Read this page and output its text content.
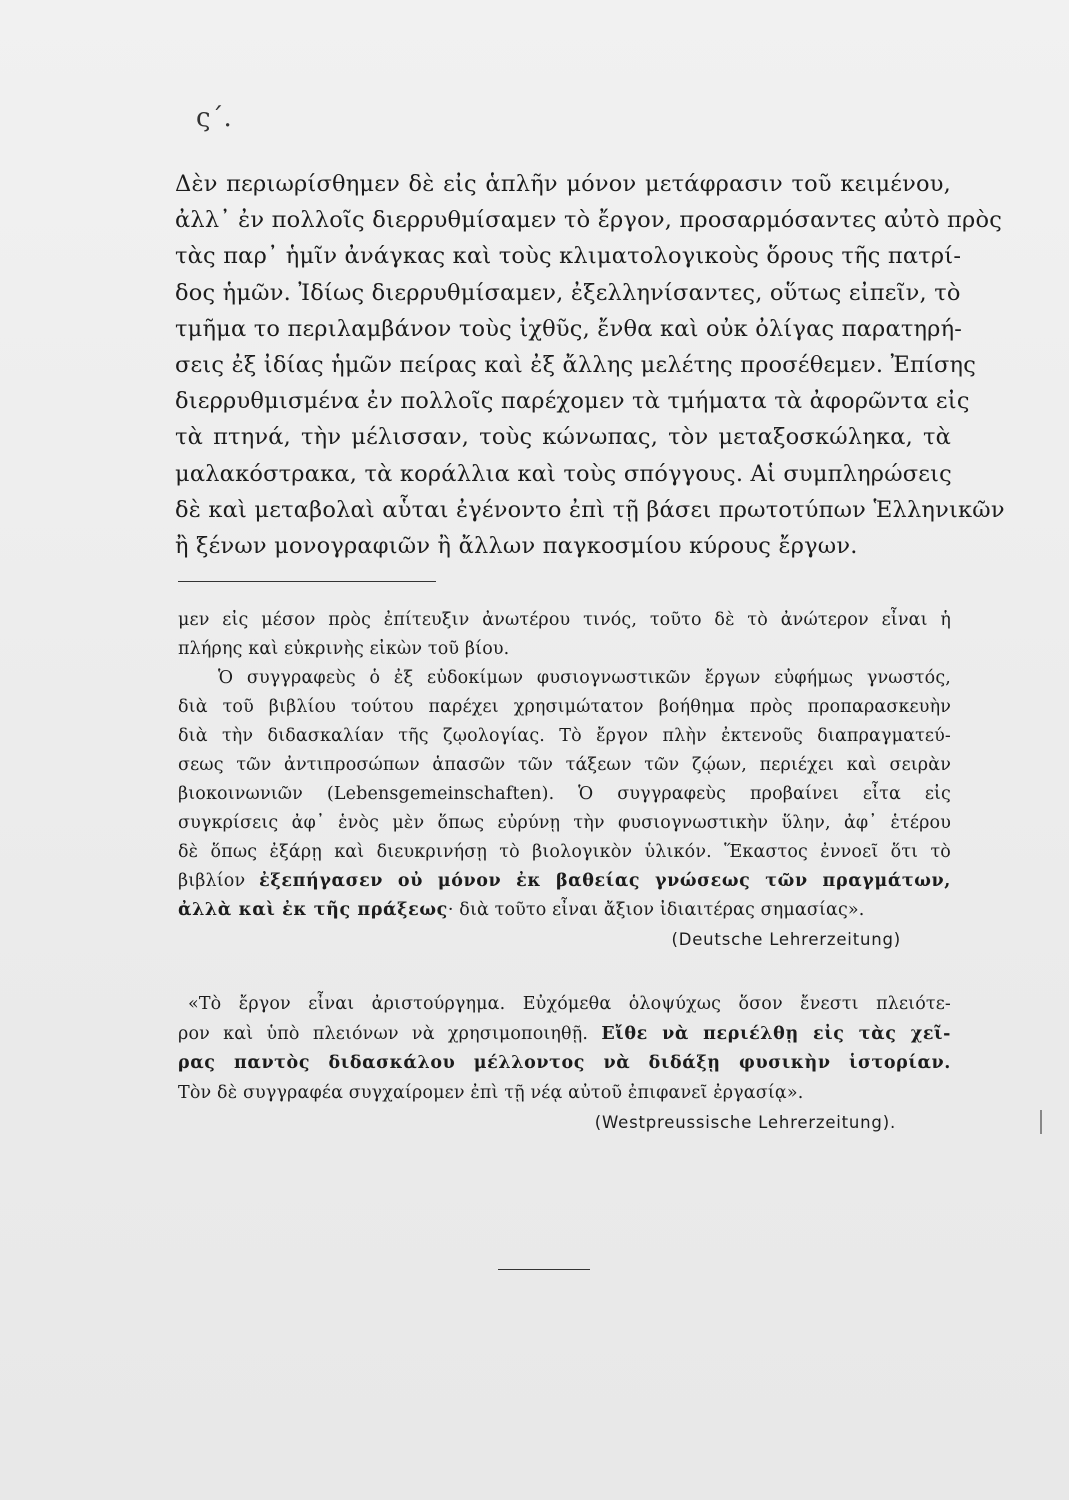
ς΄.
Δὲν περιωρίσθημεν δὲ εἰς ἁπλῆν μόνον μετάφρασιν τοῦ κειμένου,
ἀλλ᾽ ἐν πολλοῖς διερρυθμίσαμεν τὸ ἔργον, προσαρμόσαντες αὐτὸ πρὸς
τὰς παρ᾽ ἡμῖν ἀνάγκας καὶ τοὺς κλιματολογικοὺς ὅρους τῆς πατρί-
δος ἡμῶν. Ἰδίως διερρυθμίσαμεν, ἐξελληνίσαντες, οὕτως εἰπεῖν, τὸ
τμῆμα το περιλαμβάνον τοὺς ἰχθῦς, ἔνθα καὶ οὐκ ὀλίγας παρατηρή-
σεις ἐξ ἰδίας ἡμῶν πείρας καὶ ἐξ ἄλλης μελέτης προσέθεμεν. Ἐπίσης
διερρυθμισμένα ἐν πολλοῖς παρέχομεν τὰ τμήματα τὰ ἀφορῶντα εἰς
τὰ πτηνά, τὴν μέλισσαν, τοὺς κώνωπας, τὸν μεταξοσκώληκα, τὰ
μαλακόστρακα, τὰ κοράλλια καὶ τοὺς σπόγγους. Αἱ συμπληρώσεις
δὲ καὶ μεταβολαὶ αὗται ἐγένοντο ἐπὶ τῇ βάσει πρωτοτύπων Ἑλληνικῶν
ἢ ξένων μονογραφιῶν ἢ ἄλλων παγκοσμίου κύρους ἔργων.
μεν εἰς μέσον πρὸς ἐπίτευξιν ἀνωτέρου τινός, τοῦτο δὲ τὸ ἀνώτερον εἶναι ἡ
πλήρης καὶ εὐκρινὴς εἰκὼν τοῦ βίου.
Ὁ συγγραφεὺς ὁ ἐξ εὐδοκίμων φυσιογνωστικῶν ἔργων εὐφήμως γνωστός,
διὰ τοῦ βιβλίου τούτου παρέχει χρησιμώτατον βοήθημα πρὸς προπαρασκευὴν
διὰ τὴν διδασκαλίαν τῆς ζῳολογίας. Τὸ ἔργον πλὴν ἐκτενοῦς διαπραγματεύ-
σεως τῶν ἀντιπροσώπων ἁπασῶν τῶν τάξεων τῶν ζῴων, περιέχει καὶ σειρὰν
βιοκοινωνιῶν (Lebensgemeinschaften). Ὁ συγγραφεὺς προβαίνει εἶτα εἰς
συγκρίσεις ἀφ᾽ ἑνὸς μὲν ὅπως εὐρύνῃ τὴν φυσιογνωστικὴν ὕλην, ἀφ᾽ ἑτέρου
δὲ ὅπως ἐξάρῃ καὶ διευκρινήσῃ τὸ βιολογικὸν ὑλικόν. Ἕκαστος ἐννοεῖ ὅτι τὸ
βιβλίον ἐξεπήγασεν οὐ μόνον ἐκ βαθείας γνώσεως τῶν πραγμάτων,
ἀλλὰ καὶ ἐκ τῆς πράξεως· διὰ τοῦτο εἶναι ἄξιον ἰδιαιτέρας σημασίας».
(Deutsche Lehrerzeitung)
«Τὸ ἔργον εἶναι ἀριστούργημα. Εὐχόμεθα ὁλοψύχως ὅσον ἔνεστι πλειότε-
ρον καὶ ὑπὸ πλειόνων νὰ χρησιμοποιηθῇ. Εἴθε νὰ περιέλθῃ εἰς τὰς χεῖ-
ρας παντὸς διδασκάλου μέλλοντος νὰ διδάξῃ φυσικὴν ἱστορίαν.
Τὸν δὲ συγγραφέα συγχαίρομεν ἐπὶ τῇ νέᾳ αὐτοῦ ἐπιφανεῖ ἐργασίᾳ».
(Westpreussische Lehrerzeitung).
